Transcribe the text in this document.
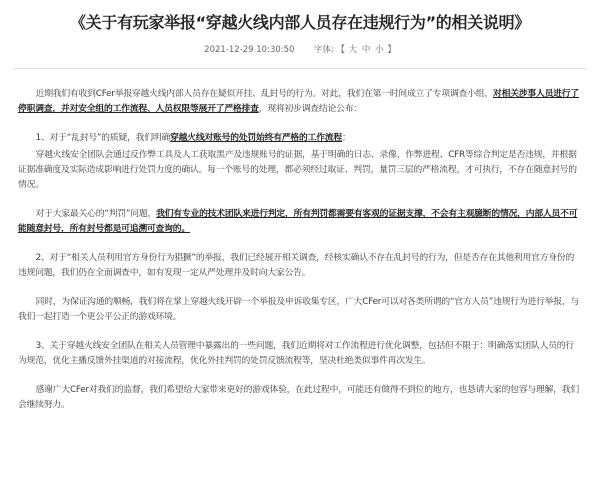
《关于有玩家举报“穿越火线内部人员存在违规行为”的相关说明》
2021-12-29 10:30:50 字体: 【 大 中 小 】

近期我们有收到CFer举报穿越火线内部人员存在疑似开挂、乱封号的行为。对此，我们在第一时间成立了专项调查小组，对相关涉事人员进行了停职调查，并对安全组的工作流程、人员权限等展开了严格排查，现将初步调查结论公布：

1、对于“乱封号”的质疑，我们明确穿越火线对账号的处罚始终有严格的工作流程：

穿越火线安全团队会通过反作弊工具及人工获取黑产及违规账号的证据，基于明确的日志、录像、作弊进程、CFR等综合判定是否违规，并根据证据准确度及实际造成影响进行处罚力度的确认。每一个账号的处理，都必须经过取证、判罚，量罚三层的严格流程，才可执行，不存在随意封号的情况。

对于大家最关心的“判罚”问题，我们有专业的技术团队来进行判定，所有判罚都需要有客观的证据支撑，不会有主观臆断的情况，内部人员不可能随意封号，所有封号都是可追溯可查询的。

2、对于“相关人员利用官方身份行为猖獗”的举报，我们已经展开相关调查，经核实确认不存在乱封号的行为，但是否存在其他利用官方身份的违规问题，我们仍在全面调查中，如有发现一定从严处理并及时向大家公告。

同时，为保证沟通的顺畅，我们将在掌上穿越火线开辟一个举报及申诉收集专区，广大CFer可以对各类所谓的“官方人员”违规行为进行举报，与我们一起打造一个更公平公正的游戏环境。

3、关于穿越火线安全团队在相关人员管理中暴露出的一些问题，我们近期将对工作流程进行优化调整，包括但不限于：明确落实团队人员的行为规范，优化主播反馈外挂渠道的对接流程，优化外挂判罚的处罚反馈流程等，坚决杜绝类似事件再次发生。

感谢广大CFer对我们的监督，我们希望给大家带来更好的游戏体验，在此过程中，可能还有做得不到位的地方，也恳请大家的包容与理解，我们会继续努力。
